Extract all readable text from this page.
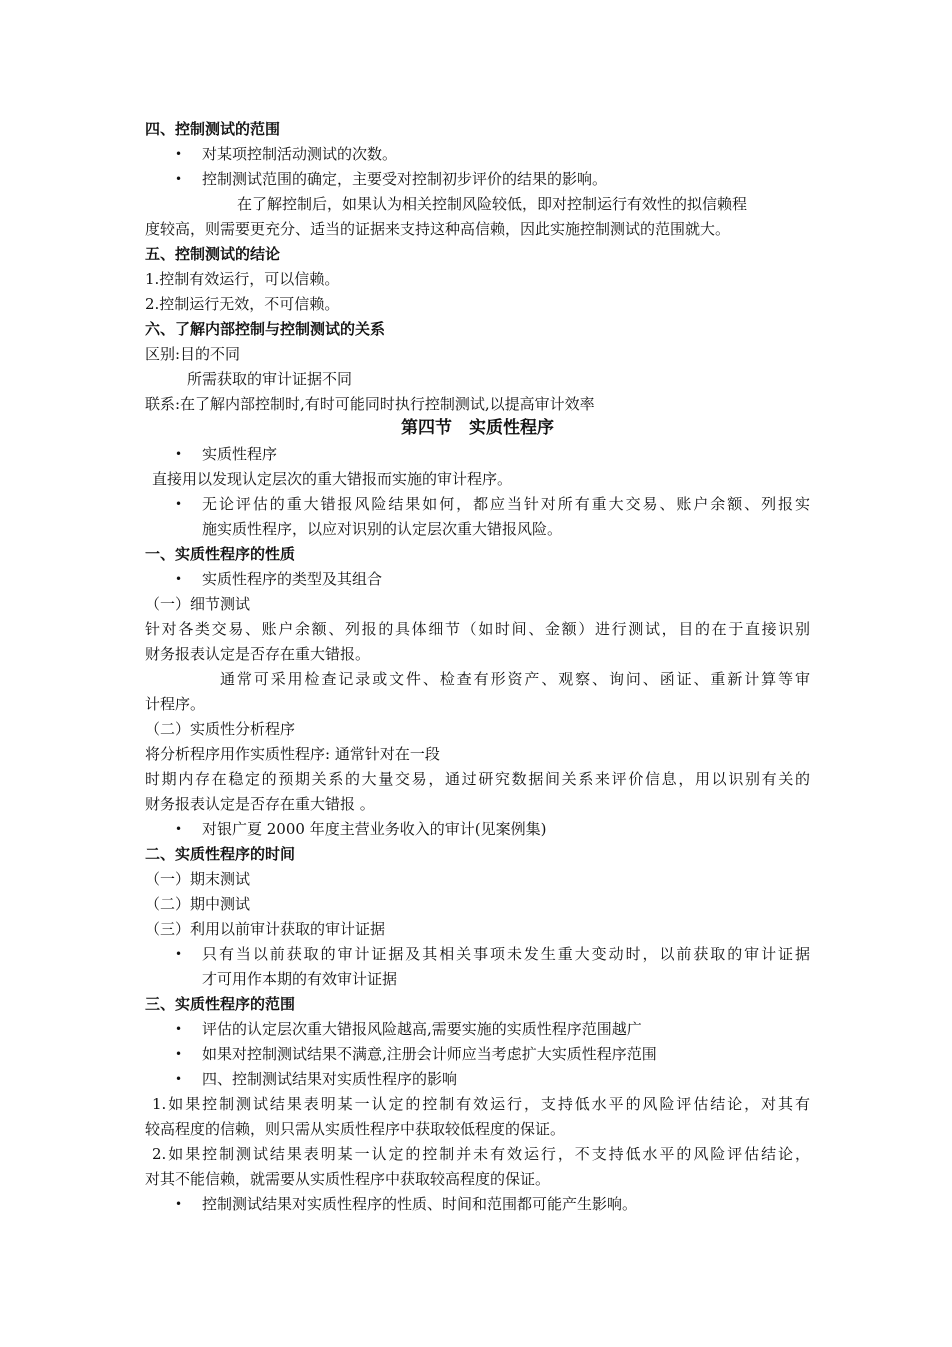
四、控制测试的范围
• 对某项控制活动测试的次数。
• 控制测试范围的确定，主要受对控制初步评价的结果的影响。
在了解控制后，如果认为相关控制风险较低，即对控制运行有效性的拟信赖程
度较高，则需要更充分、适当的证据来支持这种高信赖，因此实施控制测试的范围就大。
五、控制测试的结论
1.控制有效运行，可以信赖。
2.控制运行无效，不可信赖。
六、了解内部控制与控制测试的关系
区别:目的不同
所需获取的审计证据不同
联系:在了解内部控制时,有时可能同时执行控制测试,以提高审计效率
第四节　实质性程序
• 实质性程序
直接用以发现认定层次的重大错报而实施的审计程序。
• 无论评估的重大错报风险结果如何，都应当针对所有重大交易、账户余额、列报实
施实质性程序，以应对识别的认定层次重大错报风险。
一、实质性程序的性质
• 实质性程序的类型及其组合
（一）细节测试
针对各类交易、账户余额、列报的具体细节（如时间、金额）进行测试，目的在于直接识别
财务报表认定是否存在重大错报。
通常可采用检查记录或文件、检查有形资产、观察、询问、函证、重新计算等审
计程序。
（二）实质性分析程序
将分析程序用作实质性程序: 通常针对在一段
时期内存在稳定的预期关系的大量交易，通过研究数据间关系来评价信息，用以识别有关的
财务报表认定是否存在重大错报 。
• 对银广夏 2000 年度主营业务收入的审计(见案例集)
二、实质性程序的时间
（一）期末测试
（二）期中测试
（三）利用以前审计获取的审计证据
• 只有当以前获取的审计证据及其相关事项未发生重大变动时，以前获取的审计证据
才可用作本期的有效审计证据
三、实质性程序的范围
• 评估的认定层次重大错报风险越高,需要实施的实质性程序范围越广
• 如果对控制测试结果不满意,注册会计师应当考虑扩大实质性程序范围
• 四、控制测试结果对实质性程序的影响
1.如果控制测试结果表明某一认定的控制有效运行，支持低水平的风险评估结论，对其有
较高程度的信赖，则只需从实质性程序中获取较低程度的保证。
2.如果控制测试结果表明某一认定的控制并未有效运行，不支持低水平的风险评估结论，
对其不能信赖，就需要从实质性程序中获取较高程度的保证。
• 控制测试结果对实质性程序的性质、时间和范围都可能产生影响。
